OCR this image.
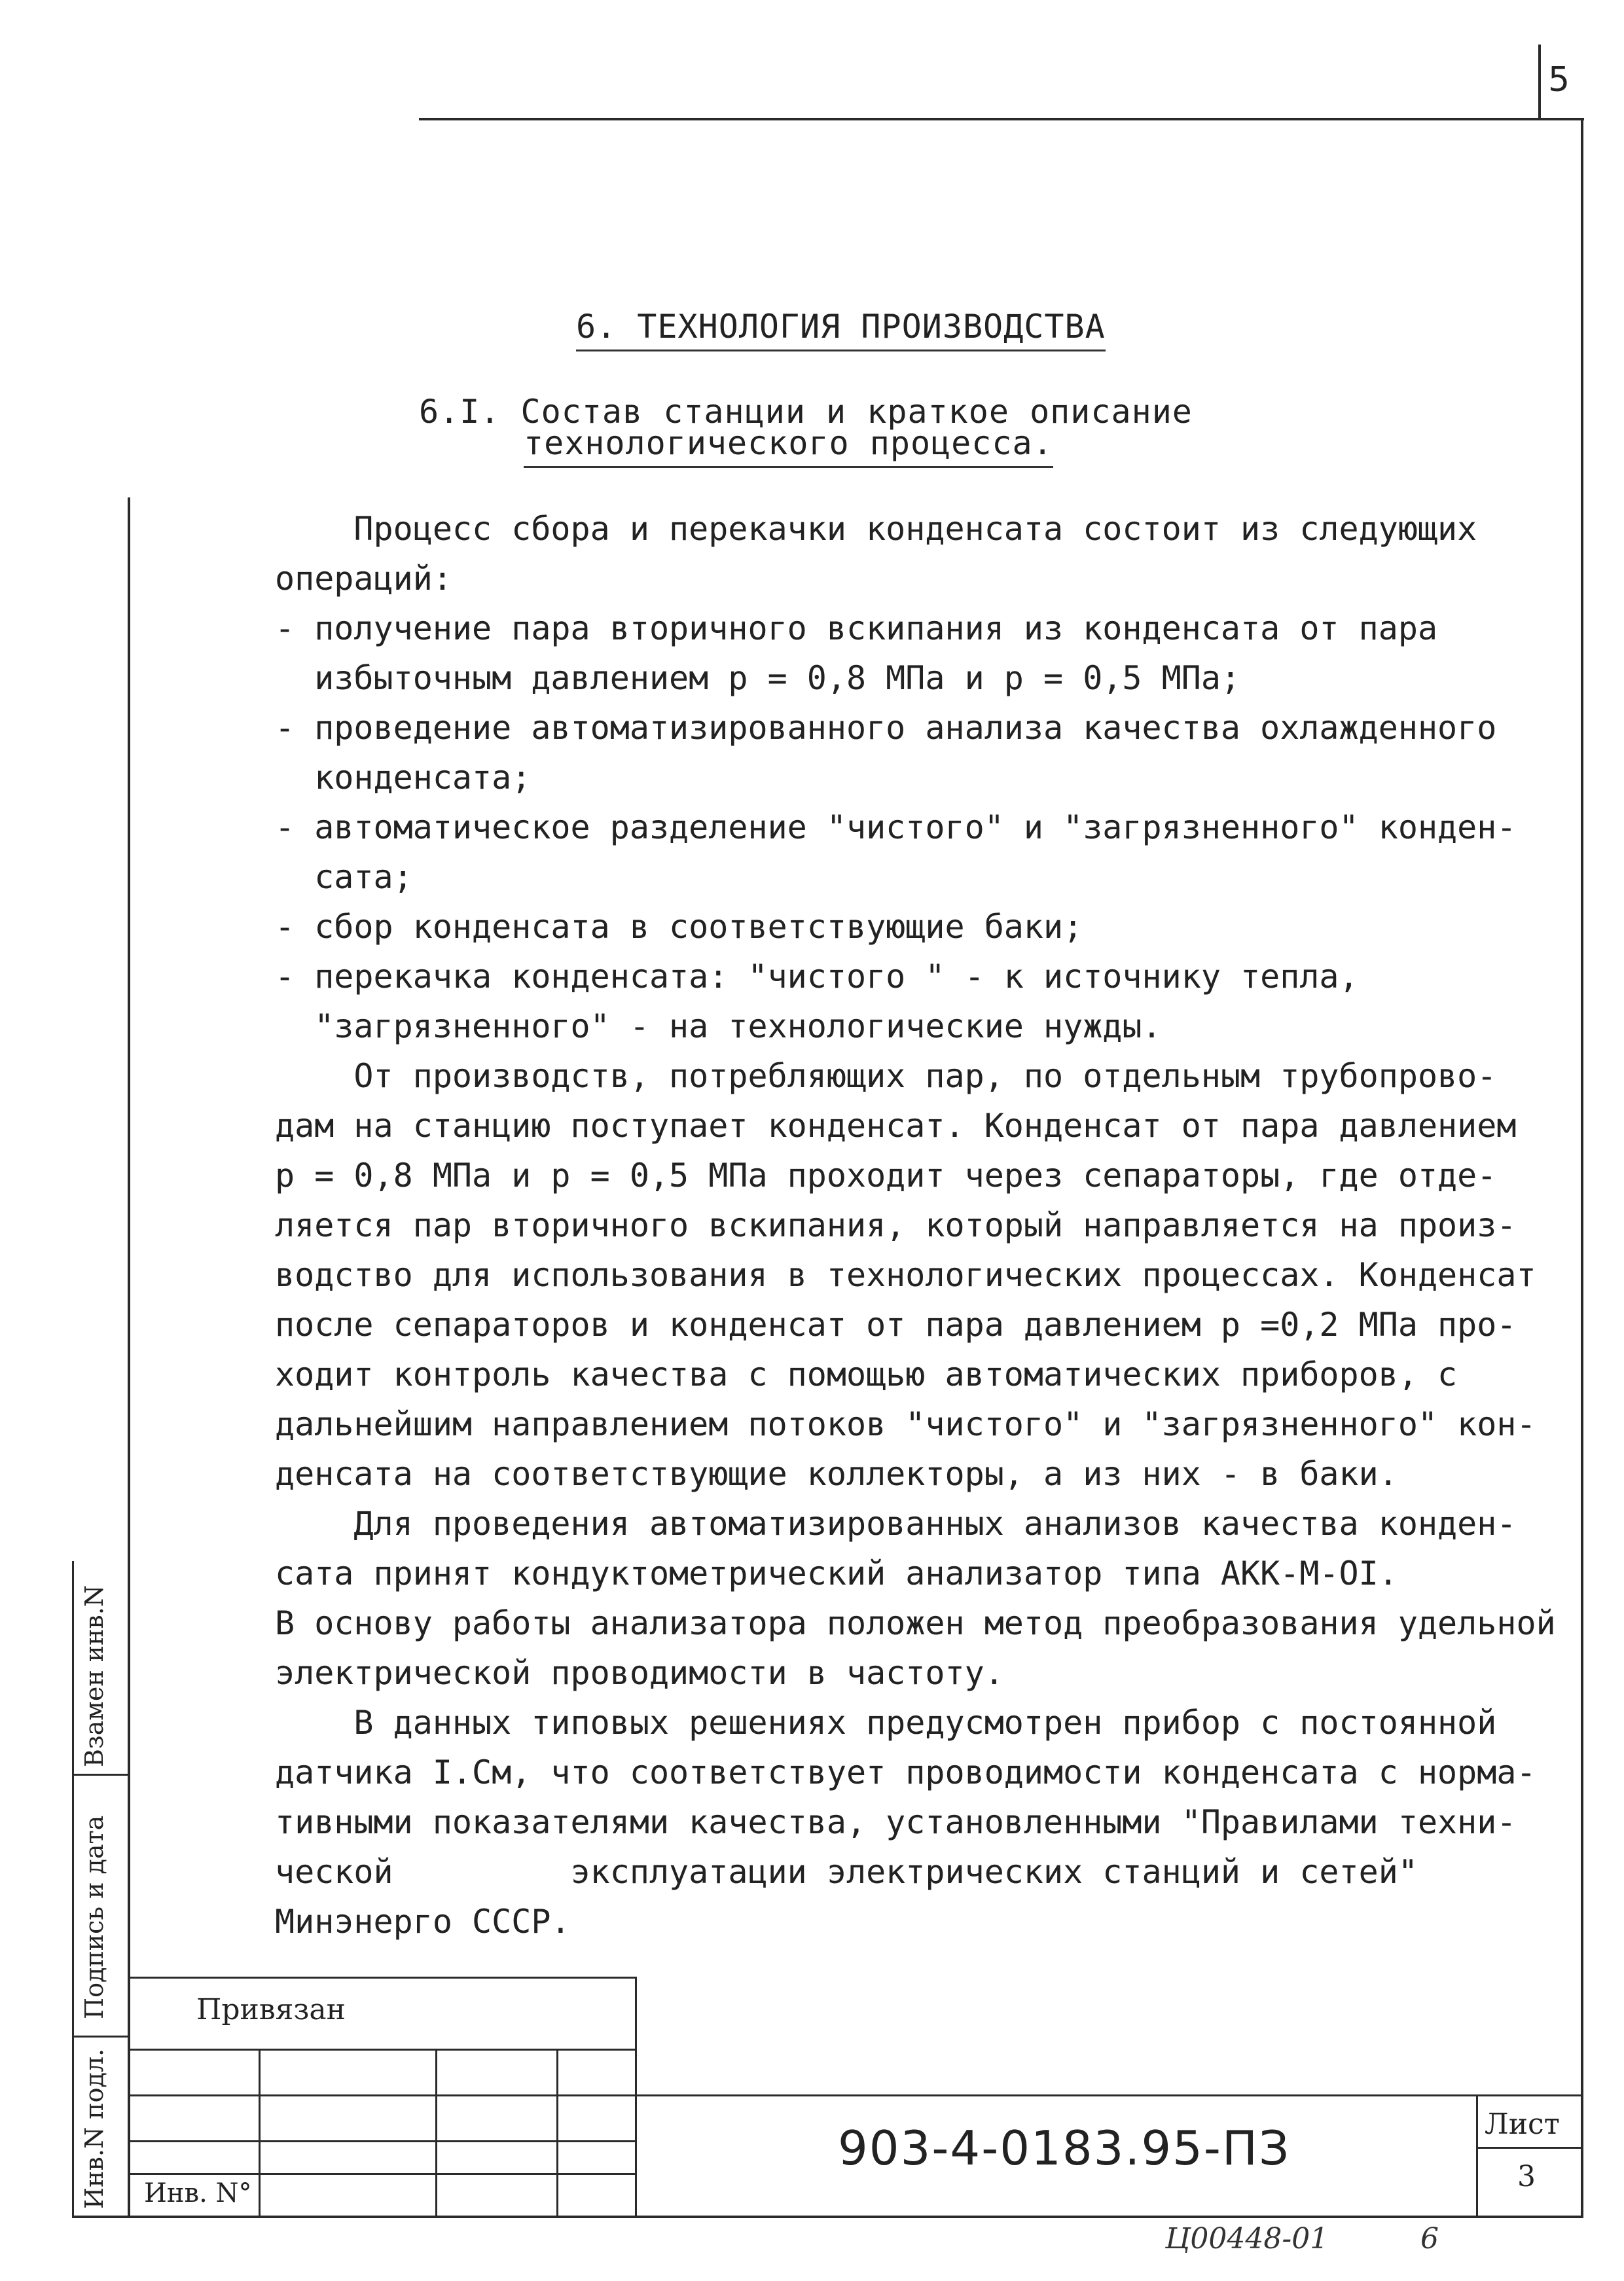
5
Взамен инв.N
Подпись и дата
Инв.N подл.
6. ТЕХНОЛОГИЯ ПРОИЗВОДСТВА
6.I. Состав станции и краткое описание
технологического процесса.
Процесс сбора и перекачки конденсата состоит из следующих
операций:
- получение пара вторичного вскипания из конденсата от пара
избыточным давлением р = 0,8 МПа и р = 0,5 МПа;
- проведение автоматизированного анализа качества охлажденного
конденсата;
- автоматическое разделение "чистого" и "загрязненного" конден-
сата;
- сбор конденсата в соответствующие баки;
- перекачка конденсата: "чистого " - к источнику тепла,
"загрязненного" - на технологические нужды.
От производств, потребляющих пар, по отдельным трубопрово-
дам на станцию поступает конденсат. Конденсат от пара давлением
р = 0,8 МПа и р = 0,5 МПа проходит через сепараторы, где отде-
ляется пар вторичного вскипания, который направляется на произ-
водство для использования в технологических процессах. Конденсат
после сепараторов и конденсат от пара давлением р =0,2 МПа про-
ходит контроль качества с помощью автоматических приборов, с
дальнейшим направлением потоков "чистого" и "загрязненного" кон-
денсата на соответствующие коллекторы, а из них - в баки.
Для проведения автоматизированных анализов качества конден-
сата принят кондуктометрический анализатор типа АКК-М-ОI.
В основу работы анализатора положен метод преобразования удельной
электрической проводимости в частоту.
В данных типовых решениях предусмотрен прибор с постоянной
датчика I.См, что соответствует проводимости конденсата с норма-
тивными показателями качества, установленными "Правилами техни-
ческой         эксплуатации электрических станций и сетей"
Минэнерго СССР.
Привязан
Инв. N°
903-4-0183.95-ПЗ	Лист
3
Ц00448-01	6
